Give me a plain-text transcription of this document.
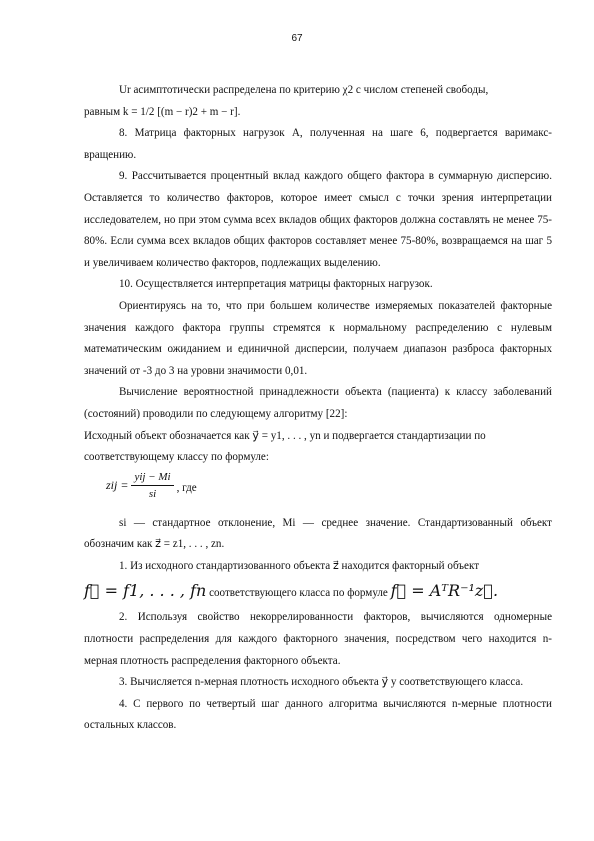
67

Ur асимптотически распределена по критерию χ2 с числом степеней свободы,

равным k = 1/2 [(m − r)2 + m − r].

8. Матрица факторных нагрузок A, полученная на шаге 6, подвергается варимакс-вращению.

9. Рассчитывается процентный вклад каждого общего фактора в суммарную дисперсию. Оставляется то количество факторов, которое имеет смысл с точки зрения интерпретации исследователем, но при этом сумма всех вкладов общих факторов должна составлять не менее 75-80%. Если сумма всех вкладов общих факторов составляет менее 75-80%, возвращаемся на шаг 5 и увеличиваем количество факторов, подлежащих выделению.

10. Осуществляется интерпретация матрицы факторных нагрузок.

Ориентируясь на то, что при большем количестве измеряемых показателей факторные значения каждого фактора группы стремятся к нормальному распределению с нулевым математическим ожиданием и единичной дисперсии, получаем диапазон разброса факторных значений от -3 до 3 на уровни значимости 0,01.

Вычисление вероятностной принадлежности объекта (пациента) к классу заболеваний (состояний) проводили по следующему алгоритму [22]:

Исходный объект обозначается как y⃗ = y1, . . . , yn и подвергается стандартизации по

соответствующему классу по формуле:

zij = $\frac{\text{yij − Mi}}{si}$ , где

si — стандартное отклонение, Mi — среднее значение. Стандартизованный объект обозначим как z⃗ = z1, . . . , zn.

1. Из исходного стандартизованного объекта z⃗ находится факторный объект

f⃗ = f1, . . . , fn соответствующего класса по формуле f⃗ = AᵀR⁻¹z⃗.

2. Используя свойство некоррелированности факторов, вычисляются одномерные плотности распределения для каждого факторного значения, посредством чего находится n-мерная плотность распределения факторного объекта.

3. Вычисляется n-мерная плотность исходного объекта y⃗ у соответствующего класса.

4. С первого по четвертый шаг данного алгоритма вычисляются n-мерные плотности остальных классов.
